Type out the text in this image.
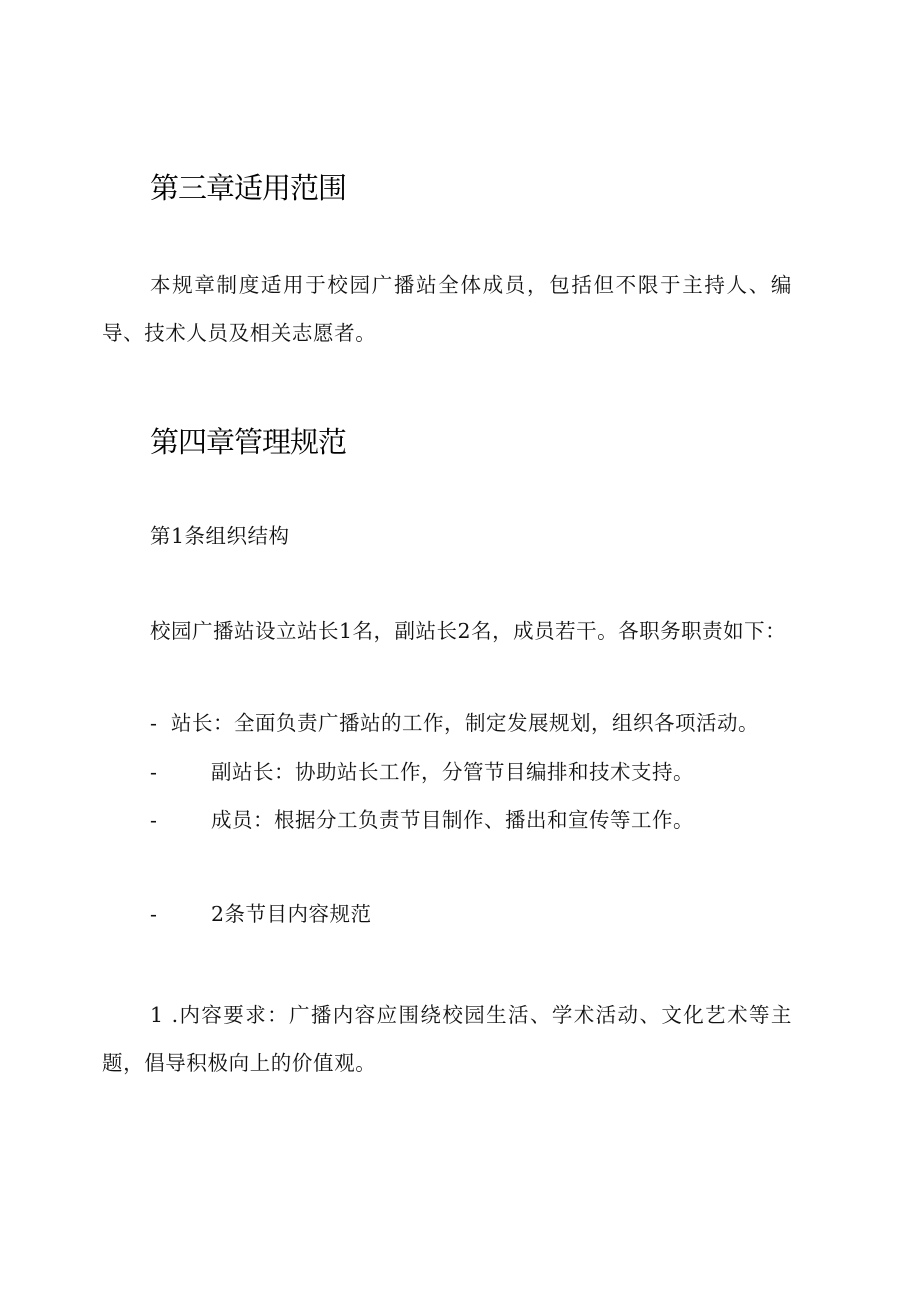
第三章适用范围

本规章制度适用于校园广播站全体成员，包括但不限于主持人、编导、技术人员及相关志愿者。

第四章管理规范

第1条组织结构

校园广播站设立站长1名，副站长2名，成员若干。各职务职责如下：

- 站长：全面负责广播站的工作，制定发展规划，组织各项活动。

-	副站长：协助站长工作，分管节目编排和技术支持。

-	成员：根据分工负责节目制作、播出和宣传等工作。

-	2条节目内容规范

1 .内容要求：广播内容应围绕校园生活、学术活动、文化艺术等主题，倡导积极向上的价值观。
